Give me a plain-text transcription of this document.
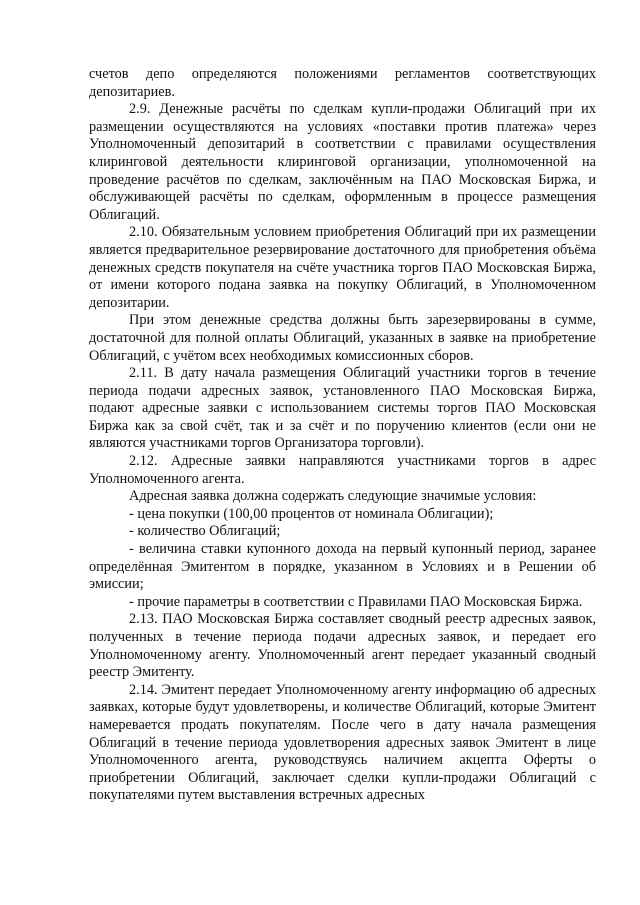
счетов депо определяются положениями регламентов соответствующих депозитариев.

2.9. Денежные расчёты по сделкам купли-продажи Облигаций при их размещении осуществляются на условиях «поставки против платежа» через Уполномоченный депозитарий в соответствии с правилами осуществления клиринговой деятельности клиринговой организации, уполномоченной на проведение расчётов по сделкам, заключённым на ПАО Московская Биржа, и обслуживающей расчёты по сделкам, оформленным в процессе размещения Облигаций.

2.10. Обязательным условием приобретения Облигаций при их размещении является предварительное резервирование достаточного для приобретения объёма денежных средств покупателя на счёте участника торгов ПАО Московская Биржа, от имени которого подана заявка на покупку Облигаций, в Уполномоченном депозитарии.

При этом денежные средства должны быть зарезервированы в сумме, достаточной для полной оплаты Облигаций, указанных в заявке на приобретение Облигаций, с учётом всех необходимых комиссионных сборов.

2.11. В дату начала размещения Облигаций участники торгов в течение периода подачи адресных заявок, установленного ПАО Московская Биржа, подают адресные заявки с использованием системы торгов ПАО Московская Биржа как за свой счёт, так и за счёт и по поручению клиентов (если они не являются участниками торгов Организатора торговли).

2.12. Адресные заявки направляются участниками торгов в адрес Уполномоченного агента.

Адресная заявка должна содержать следующие значимые условия:

- цена покупки (100,00 процентов от номинала Облигации);

- количество Облигаций;

- величина ставки купонного дохода на первый купонный период, заранее определённая Эмитентом в порядке, указанном в Условиях и в Решении об эмиссии;

- прочие параметры в соответствии с Правилами ПАО Московская Биржа.

2.13. ПАО Московская Биржа составляет сводный реестр адресных заявок, полученных в течение периода подачи адресных заявок, и передает его Уполномоченному агенту. Уполномоченный агент передает указанный сводный реестр Эмитенту.

2.14. Эмитент передает Уполномоченному агенту информацию об адресных заявках, которые будут удовлетворены, и количестве Облигаций, которые Эмитент намеревается продать покупателям. После чего в дату начала размещения Облигаций в течение периода удовлетворения адресных заявок Эмитент в лице Уполномоченного агента, руководствуясь наличием акцепта Оферты о приобретении Облигаций, заключает сделки купли-продажи Облигаций с покупателями путем выставления встречных адресных
